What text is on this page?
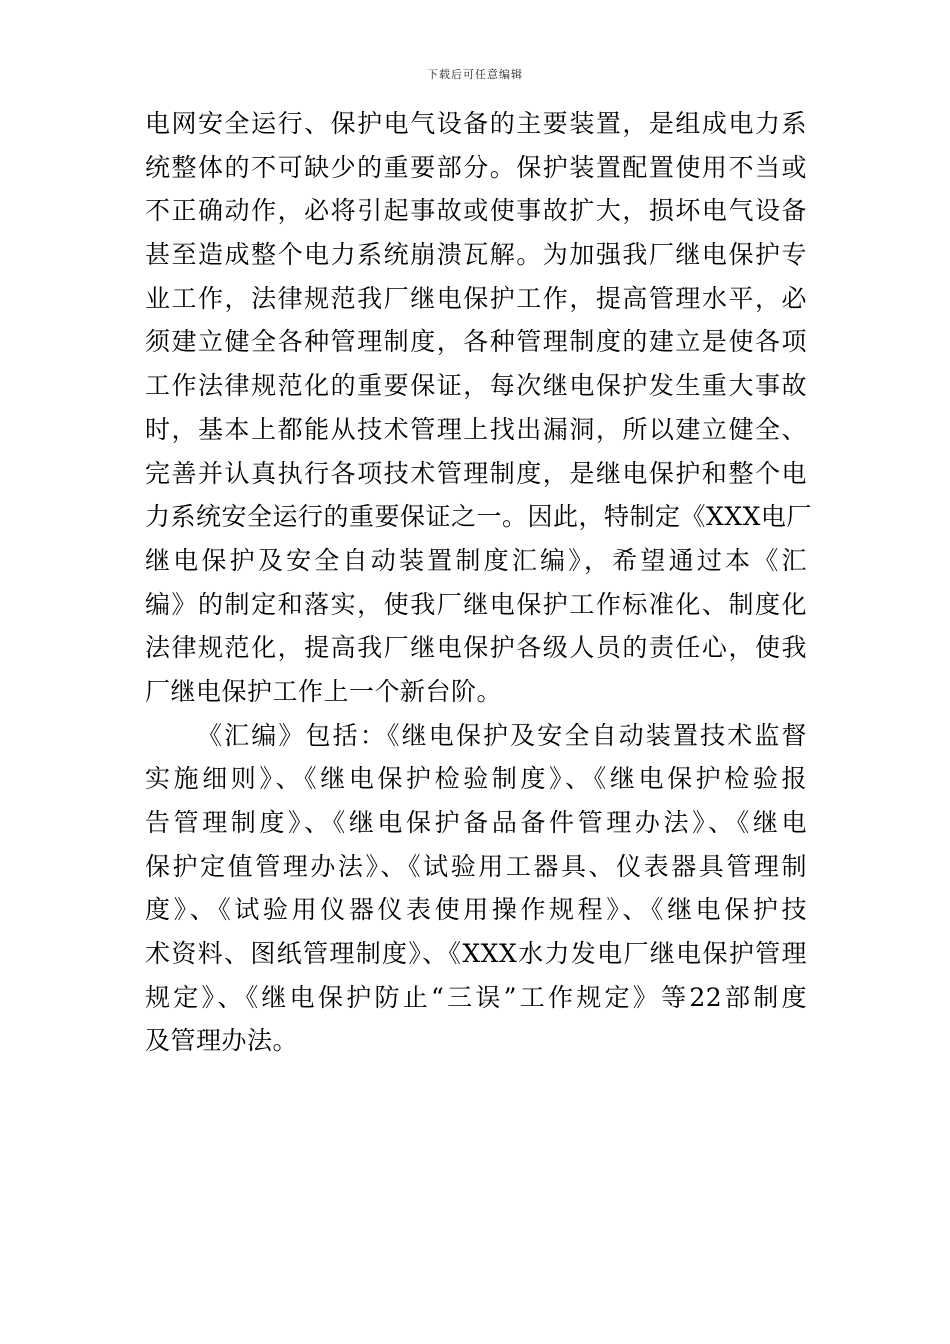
下载后可任意编辑
电网安全运行、保护电气设备的主要装置，是组成电力系
统整体的不可缺少的重要部分。保护装置配置使用不当或
不正确动作，必将引起事故或使事故扩大，损坏电气设备
甚至造成整个电力系统崩溃瓦解。为加强我厂继电保护专
业工作，法律规范我厂继电保护工作，提高管理水平，必
须建立健全各种管理制度，各种管理制度的建立是使各项
工作法律规范化的重要保证，每次继电保护发生重大事故
时，基本上都能从技术管理上找出漏洞，所以建立健全、
完善并认真执行各项技术管理制度，是继电保护和整个电
力系统安全运行的重要保证之一。因此，特制定《XXX电厂
继电保护及安全自动装置制度汇编》，希望通过本《汇
编》的制定和落实，使我厂继电保护工作标准化、制度化
法律规范化，提高我厂继电保护各级人员的责任心，使我
厂继电保护工作上一个新台阶。
《汇编》包括：《继电保护及安全自动装置技术监督
实施细则》、《继电保护检验制度》、《继电保护检验报
告管理制度》、《继电保护备品备件管理办法》、《继电
保护定值管理办法》、《试验用工器具、仪表器具管理制
度》、《试验用仪器仪表使用操作规程》、《继电保护技
术资料、图纸管理制度》、《XXX水力发电厂继电保护管理
规定》、《继电保护防止“三误”工作规定》等22部制度
及管理办法。
